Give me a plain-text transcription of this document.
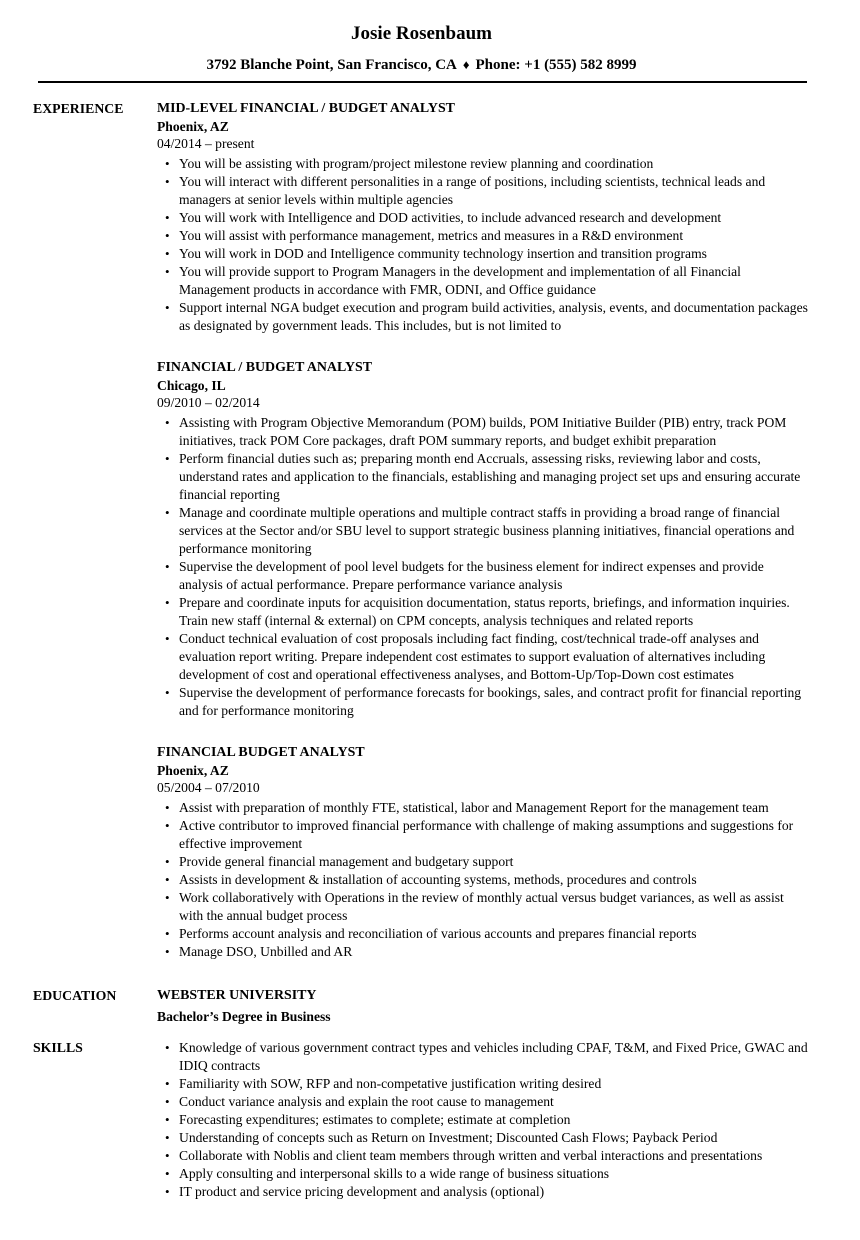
Josie Rosenbaum
3792 Blanche Point, San Francisco, CA ♦ Phone: +1 (555) 582 8999
EXPERIENCE	MID-LEVEL FINANCIAL / BUDGET ANALYST
Phoenix, AZ
04/2014 – present
• You will be assisting with program/project milestone review planning and coordination
• You will interact with different personalities in a range of positions, including scientists, technical leads and managers at senior levels within multiple agencies
• You will work with Intelligence and DOD activities, to include advanced research and development
• You will assist with performance management, metrics and measures in a R&D environment
• You will work in DOD and Intelligence community technology insertion and transition programs
• You will provide support to Program Managers in the development and implementation of all Financial Management products in accordance with FMR, ODNI, and Office guidance
• Support internal NGA budget execution and program build activities, analysis, events, and documentation packages as designated by government leads. This includes, but is not limited to
FINANCIAL / BUDGET ANALYST
Chicago, IL
09/2010 – 02/2014
• Assisting with Program Objective Memorandum (POM) builds, POM Initiative Builder (PIB) entry, track POM initiatives, track POM Core packages, draft POM summary reports, and budget exhibit preparation
• Perform financial duties such as; preparing month end Accruals, assessing risks, reviewing labor and costs, understand rates and application to the financials, establishing and managing project set ups and ensuring accurate financial reporting
• Manage and coordinate multiple operations and multiple contract staffs in providing a broad range of financial services at the Sector and/or SBU level to support strategic business planning initiatives, financial operations and performance monitoring
• Supervise the development of pool level budgets for the business element for indirect expenses and provide analysis of actual performance. Prepare performance variance analysis
• Prepare and coordinate inputs for acquisition documentation, status reports, briefings, and information inquiries. Train new staff (internal & external) on CPM concepts, analysis techniques and related reports
• Conduct technical evaluation of cost proposals including fact finding, cost/technical trade-off analyses and evaluation report writing. Prepare independent cost estimates to support evaluation of alternatives including development of cost and operational effectiveness analyses, and Bottom-Up/Top-Down cost estimates
• Supervise the development of performance forecasts for bookings, sales, and contract profit for financial reporting and for performance monitoring
FINANCIAL BUDGET ANALYST
Phoenix, AZ
05/2004 – 07/2010
• Assist with preparation of monthly FTE, statistical, labor and Management Report for the management team
• Active contributor to improved financial performance with challenge of making assumptions and suggestions for effective improvement
• Provide general financial management and budgetary support
• Assists in development & installation of accounting systems, methods, procedures and controls
• Work collaboratively with Operations in the review of monthly actual versus budget variances, as well as assist with the annual budget process
• Performs account analysis and reconciliation of various accounts and prepares financial reports
• Manage DSO, Unbilled and AR
EDUCATION	WEBSTER UNIVERSITY
Bachelor’s Degree in Business
SKILLS	• Knowledge of various government contract types and vehicles including CPAF, T&M, and Fixed Price, GWAC and IDIQ contracts
• Familiarity with SOW, RFP and non-competative justification writing desired
• Conduct variance analysis and explain the root cause to management
• Forecasting expenditures; estimates to complete; estimate at completion
• Understanding of concepts such as Return on Investment; Discounted Cash Flows; Payback Period
• Collaborate with Noblis and client team members through written and verbal interactions and presentations
• Apply consulting and interpersonal skills to a wide range of business situations
• IT product and service pricing development and analysis (optional)
